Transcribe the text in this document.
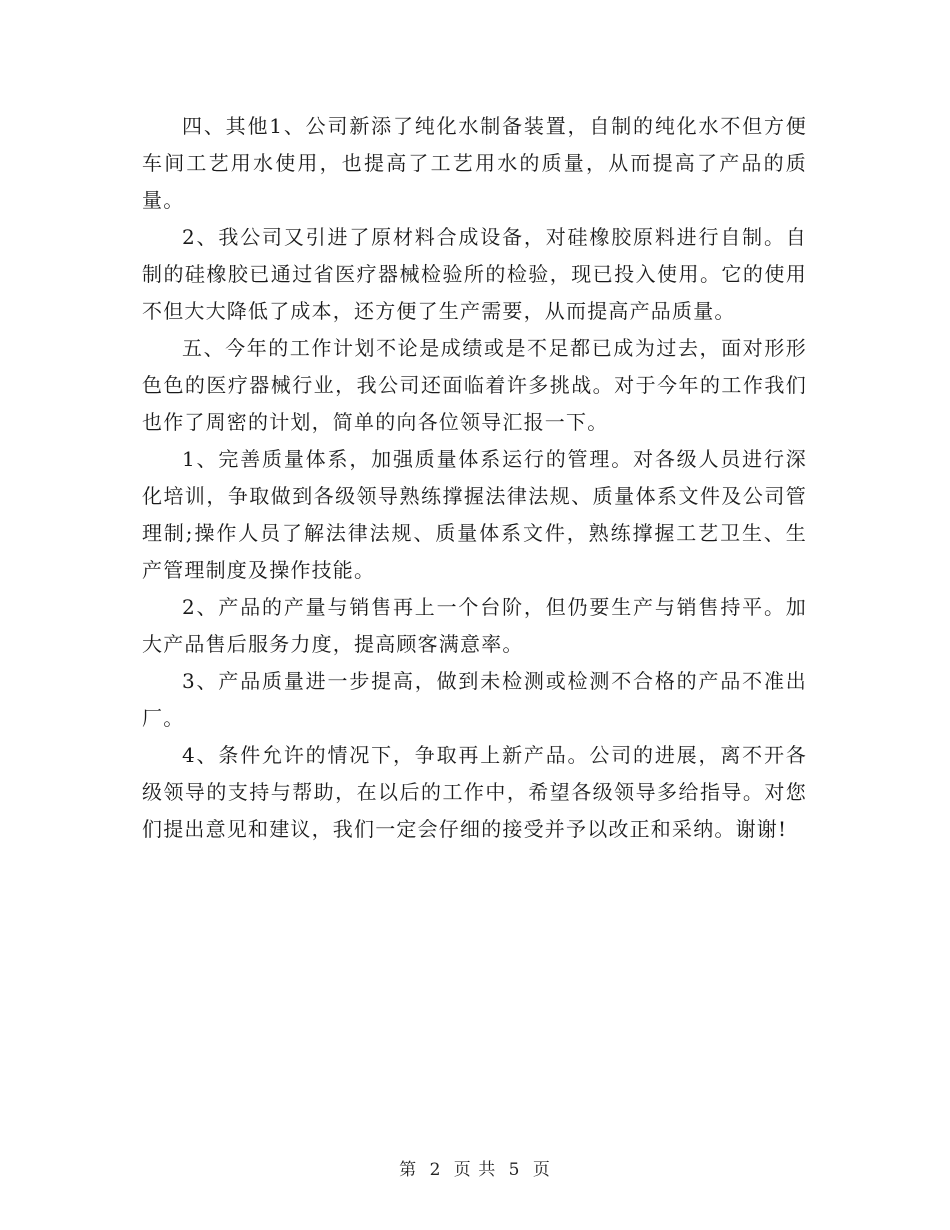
四、其他1、公司新添了纯化水制备装置，自制的纯化水不但方便车间工艺用水使用，也提高了工艺用水的质量，从而提高了产品的质量。

2、我公司又引进了原材料合成设备，对硅橡胶原料进行自制。自制的硅橡胶已通过省医疗器械检验所的检验，现已投入使用。它的使用不但大大降低了成本，还方便了生产需要，从而提高产品质量。

五、今年的工作计划不论是成绩或是不足都已成为过去，面对形形色色的医疗器械行业，我公司还面临着许多挑战。对于今年的工作我们也作了周密的计划，简单的向各位领导汇报一下。

1、完善质量体系，加强质量体系运行的管理。对各级人员进行深化培训，争取做到各级领导熟练撑握法律法规、质量体系文件及公司管理制;操作人员了解法律法规、质量体系文件，熟练撑握工艺卫生、生产管理制度及操作技能。

2、产品的产量与销售再上一个台阶，但仍要生产与销售持平。加大产品售后服务力度，提高顾客满意率。

3、产品质量进一步提高，做到未检测或检测不合格的产品不准出厂。

4、条件允许的情况下，争取再上新产品。公司的进展，离不开各级领导的支持与帮助，在以后的工作中，希望各级领导多给指导。对您们提出意见和建议，我们一定会仔细的接受并予以改正和采纳。谢谢!

第 2 页 共 5 页
